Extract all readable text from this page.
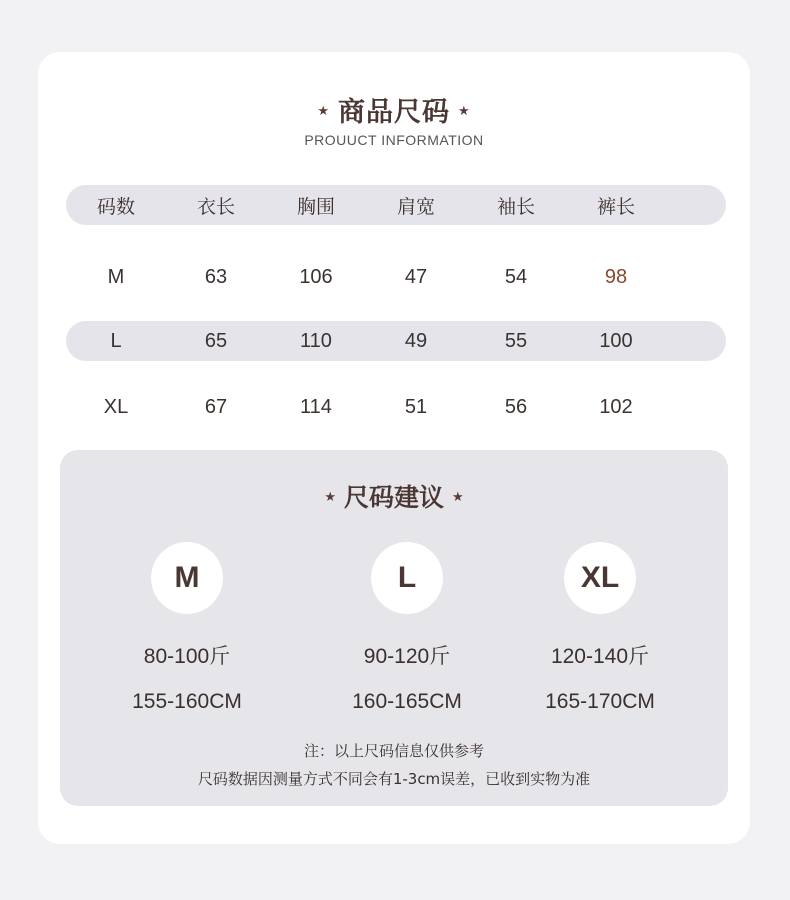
★ 商品尺码 ★
PROUUCT INFORMATION
码数	衣长	胸围	肩宽	袖长	裤长
M	63	106	47	54	98
L	65	110	49	55	100
XL	67	114	51	56	102
★ 尺码建议 ★
M
80-100斤
155-160CM
L
90-120斤
160-165CM
XL
120-140斤
165-170CM
注：以上尺码信息仅供参考
尺码数据因测量方式不同会有1-3cm误差，已收到实物为准
